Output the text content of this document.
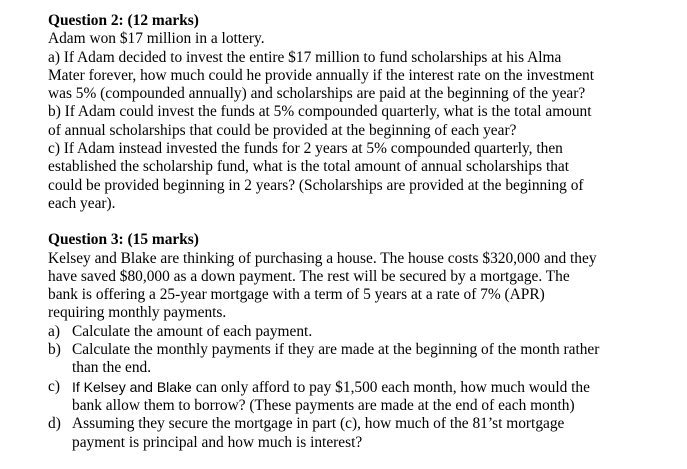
Question 2: (12 marks)
Adam won $17 million in a lottery.
a) If Adam decided to invest the entire $17 million to fund scholarships at his Alma
Mater forever, how much could he provide annually if the interest rate on the investment
was 5% (compounded annually) and scholarships are paid at the beginning of the year?
b) If Adam could invest the funds at 5% compounded quarterly, what is the total amount
of annual scholarships that could be provided at the beginning of each year?
c) If Adam instead invested the funds for 2 years at 5% compounded quarterly, then
established the scholarship fund, what is the total amount of annual scholarships that
could be provided beginning in 2 years? (Scholarships are provided at the beginning of
each year).
Question 3: (15 marks)
Kelsey and Blake are thinking of purchasing a house. The house costs $320,000 and they
have saved $80,000 as a down payment. The rest will be secured by a mortgage. The
bank is offering a 25-year mortgage with a term of 5 years at a rate of 7% (APR)
requiring monthly payments.
a) Calculate the amount of each payment.
b) Calculate the monthly payments if they are made at the beginning of the month rather
than the end.
c) If Kelsey and Blake can only afford to pay $1,500 each month, how much would the
bank allow them to borrow? (These payments are made at the end of each month)
d) Assuming they secure the mortgage in part (c), how much of the 81’st mortgage
payment is principal and how much is interest?
